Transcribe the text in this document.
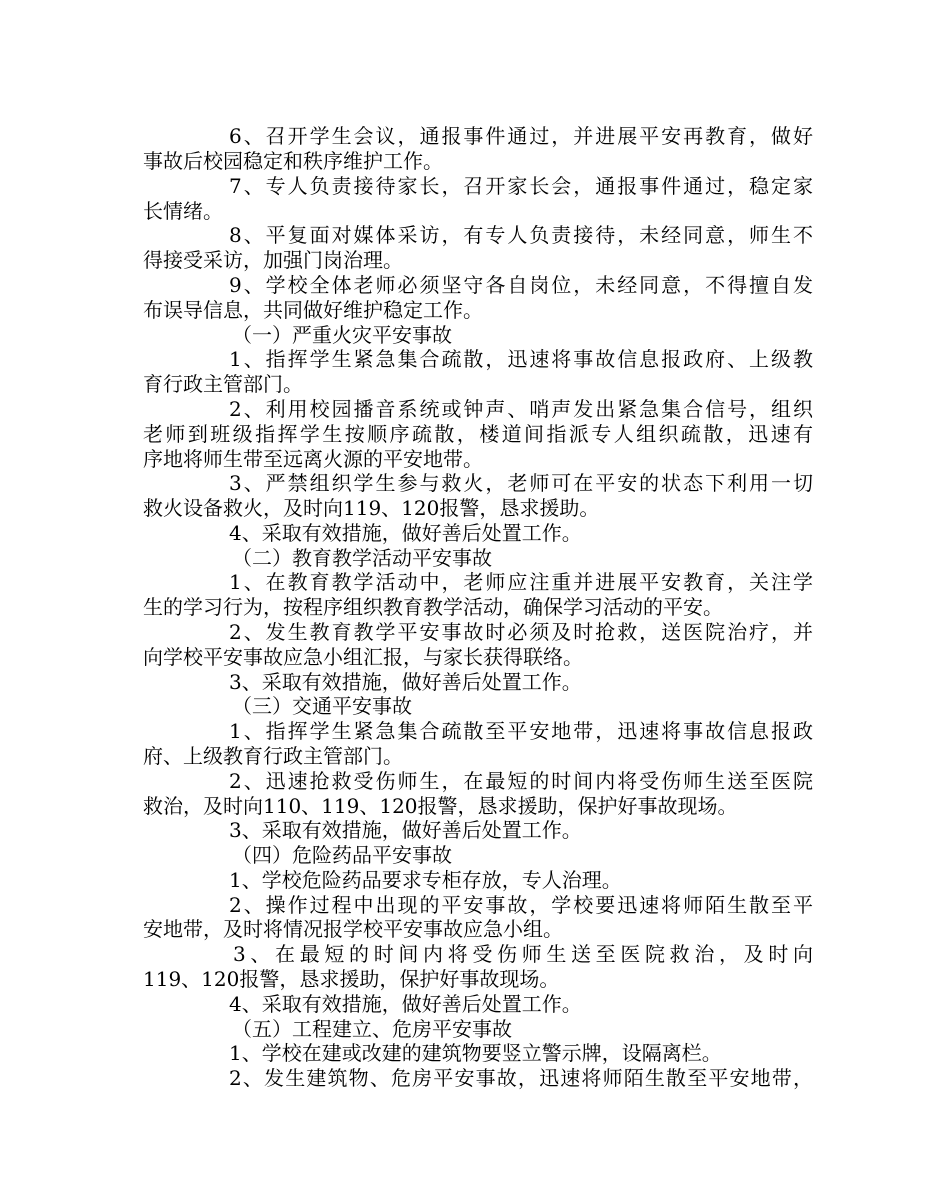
6、召开学生会议，通报事件通过，并进展平安再教育，做好
事故后校园稳定和秩序维护工作。
7、专人负责接待家长，召开家长会，通报事件通过，稳定家
长情绪。
8、平复面对媒体采访，有专人负责接待，未经同意，师生不
得接受采访，加强门岗治理。
9、学校全体老师必须坚守各自岗位，未经同意，不得擅自发
布误导信息，共同做好维护稳定工作。
（一）严重火灾平安事故
1、指挥学生紧急集合疏散，迅速将事故信息报政府、上级教
育行政主管部门。
2、利用校园播音系统或钟声、哨声发出紧急集合信号，组织
老师到班级指挥学生按顺序疏散，楼道间指派专人组织疏散，迅速有
序地将师生带至远离火源的平安地带。
3、严禁组织学生参与救火，老师可在平安的状态下利用一切
救火设备救火，及时向119、120报警，恳求援助。
4、采取有效措施，做好善后处置工作。
（二）教育教学活动平安事故
1、在教育教学活动中，老师应注重并进展平安教育，关注学
生的学习行为，按程序组织教育教学活动，确保学习活动的平安。
2、发生教育教学平安事故时必须及时抢救，送医院治疗，并
向学校平安事故应急小组汇报，与家长获得联络。
3、采取有效措施，做好善后处置工作。
（三）交通平安事故
1、指挥学生紧急集合疏散至平安地带，迅速将事故信息报政
府、上级教育行政主管部门。
2、迅速抢救受伤师生，在最短的时间内将受伤师生送至医院
救治，及时向110、119、120报警，恳求援助，保护好事故现场。
3、采取有效措施，做好善后处置工作。
（四）危险药品平安事故
1、学校危险药品要求专柜存放，专人治理。
2、操作过程中出现的平安事故，学校要迅速将师陌生散至平
安地带，及时将情况报学校平安事故应急小组。
3、在最短的时间内将受伤师生送至医院救治，及时向
119、120报警，恳求援助，保护好事故现场。
4、采取有效措施，做好善后处置工作。
（五）工程建立、危房平安事故
1、学校在建或改建的建筑物要竖立警示牌，设隔离栏。
2、发生建筑物、危房平安事故，迅速将师陌生散至平安地带，
